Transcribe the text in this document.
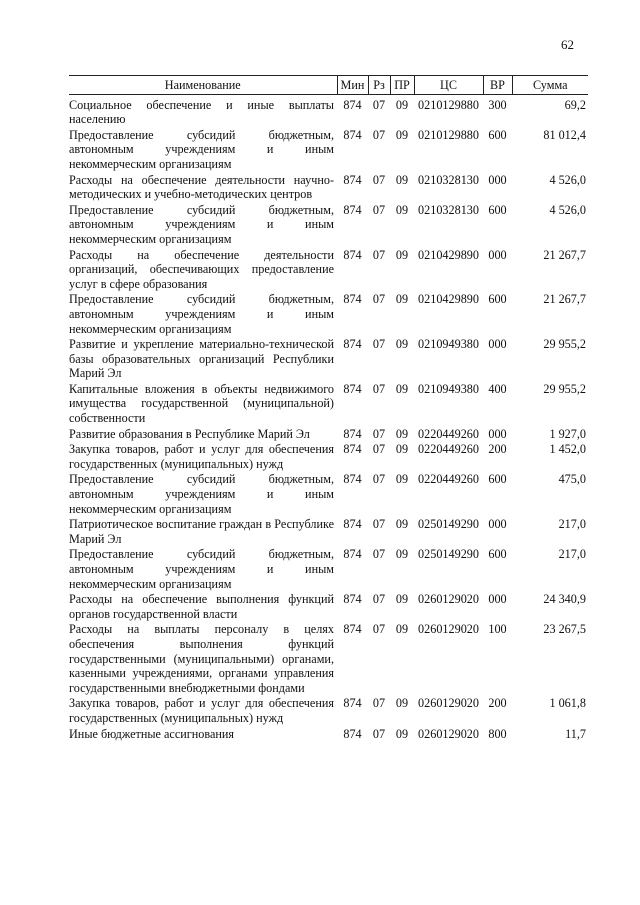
62
Наименование	Мин	Рз	ПР	ЦС	ВР	Сумма
Социальное обеспечение и иные выплаты населению	874	07	09	0210129880	300	69,2
Предоставление субсидий бюджетным, автономным учреждениям и иным некоммерческим организациям	874	07	09	0210129880	600	81 012,4
Расходы на обеспечение деятельности научно-методических и учебно-методических центров	874	07	09	0210328130	000	4 526,0
Предоставление субсидий бюджетным, автономным учреждениям и иным некоммерческим организациям	874	07	09	0210328130	600	4 526,0
Расходы на обеспечение деятельности организаций, обеспечивающих предоставление услуг в сфере образования	874	07	09	0210429890	000	21 267,7
Предоставление субсидий бюджетным, автономным учреждениям и иным некоммерческим организациям	874	07	09	0210429890	600	21 267,7
Развитие и укрепление материально-технической базы образовательных организаций Республики Марий Эл	874	07	09	0210949380	000	29 955,2
Капитальные вложения в объекты недвижимого имущества государственной (муниципальной) собственности	874	07	09	0210949380	400	29 955,2
Развитие образования в Республике Марий Эл	874	07	09	0220449260	000	1 927,0
Закупка товаров, работ и услуг для обеспечения государственных (муниципальных) нужд	874	07	09	0220449260	200	1 452,0
Предоставление субсидий бюджетным, автономным учреждениям и иным некоммерческим организациям	874	07	09	0220449260	600	475,0
Патриотическое воспитание граждан в Республике Марий Эл	874	07	09	0250149290	000	217,0
Предоставление субсидий бюджетным, автономным учреждениям и иным некоммерческим организациям	874	07	09	0250149290	600	217,0
Расходы на обеспечение выполнения функций органов государственной власти	874	07	09	0260129020	000	24 340,9
Расходы на выплаты персоналу в целях обеспечения выполнения функций государственными (муниципальными) органами, казенными учреждениями, органами управления государственными внебюджетными фондами	874	07	09	0260129020	100	23 267,5
Закупка товаров, работ и услуг для обеспечения государственных (муниципальных) нужд	874	07	09	0260129020	200	1 061,8
Иные бюджетные ассигнования	874	07	09	0260129020	800	11,7
